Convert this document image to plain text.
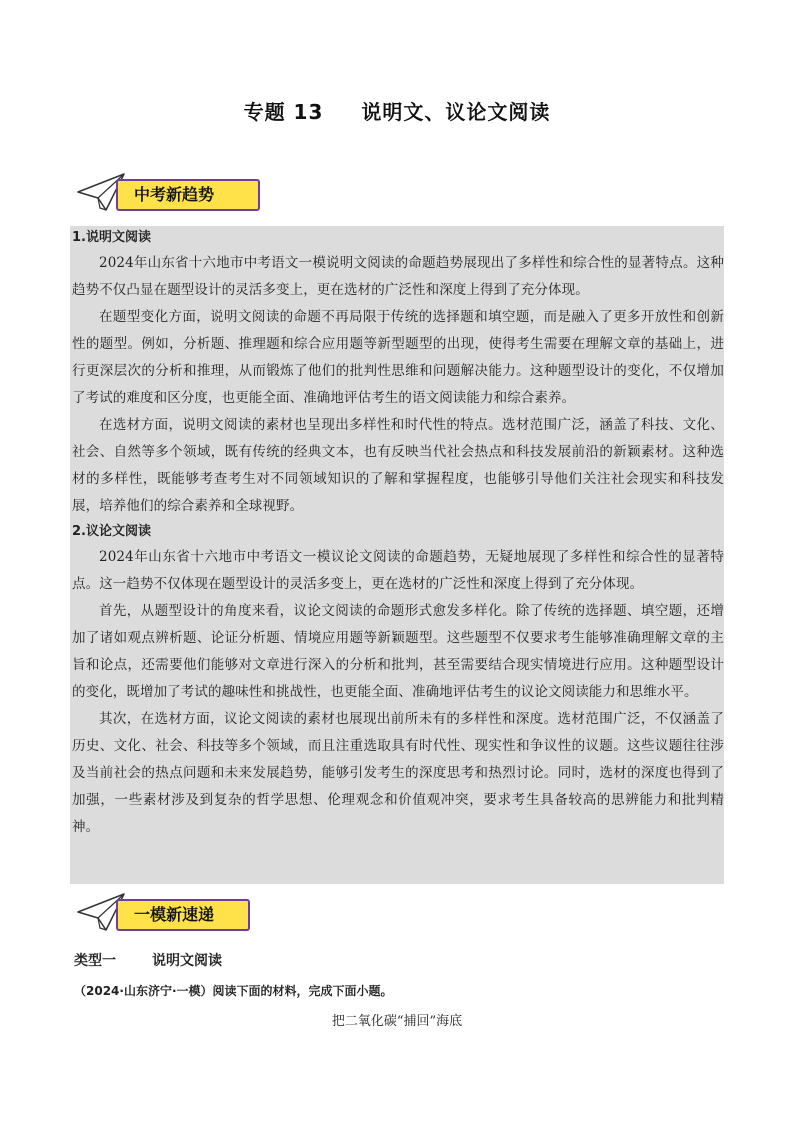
专题 13 说明文、议论文阅读
中考新趋势
1.说明文阅读

2024年山东省十六地市中考语文一模说明文阅读的命题趋势展现出了多样性和综合性的显著特点。这种趋势不仅凸显在题型设计的灵活多变上，更在选材的广泛性和深度上得到了充分体现。

在题型变化方面，说明文阅读的命题不再局限于传统的选择题和填空题，而是融入了更多开放性和创新性的题型。例如，分析题、推理题和综合应用题等新型题型的出现，使得考生需要在理解文章的基础上，进行更深层次的分析和推理，从而锻炼了他们的批判性思维和问题解决能力。这种题型设计的变化，不仅增加了考试的难度和区分度，也更能全面、准确地评估考生的语文阅读能力和综合素养。

在选材方面，说明文阅读的素材也呈现出多样性和时代性的特点。选材范围广泛，涵盖了科技、文化、社会、自然等多个领域，既有传统的经典文本，也有反映当代社会热点和科技发展前沿的新颖素材。这种选材的多样性，既能够考查考生对不同领域知识的了解和掌握程度，也能够引导他们关注社会现实和科技发展，培养他们的综合素养和全球视野。

2.议论文阅读

2024年山东省十六地市中考语文一模议论文阅读的命题趋势，无疑地展现了多样性和综合性的显著特点。这一趋势不仅体现在题型设计的灵活多变上，更在选材的广泛性和深度上得到了充分体现。

首先，从题型设计的角度来看，议论文阅读的命题形式愈发多样化。除了传统的选择题、填空题，还增加了诸如观点辨析题、论证分析题、情境应用题等新颖题型。这些题型不仅要求考生能够准确理解文章的主旨和论点，还需要他们能够对文章进行深入的分析和批判，甚至需要结合现实情境进行应用。这种题型设计的变化，既增加了考试的趣味性和挑战性，也更能全面、准确地评估考生的议论文阅读能力和思维水平。

其次，在选材方面，议论文阅读的素材也展现出前所未有的多样性和深度。选材范围广泛，不仅涵盖了历史、文化、社会、科技等多个领域，而且注重选取具有时代性、现实性和争议性的议题。这些议题往往涉及当前社会的热点问题和未来发展趋势，能够引发考生的深度思考和热烈讨论。同时，选材的深度也得到了加强，一些素材涉及到复杂的哲学思想、伦理观念和价值观冲突，要求考生具备较高的思辨能力和批判精神。

一模新速递
类型一	说明文阅读
（2024·山东济宁·一模）阅读下面的材料，完成下面小题。
把二氧化碳“捕回”海底
